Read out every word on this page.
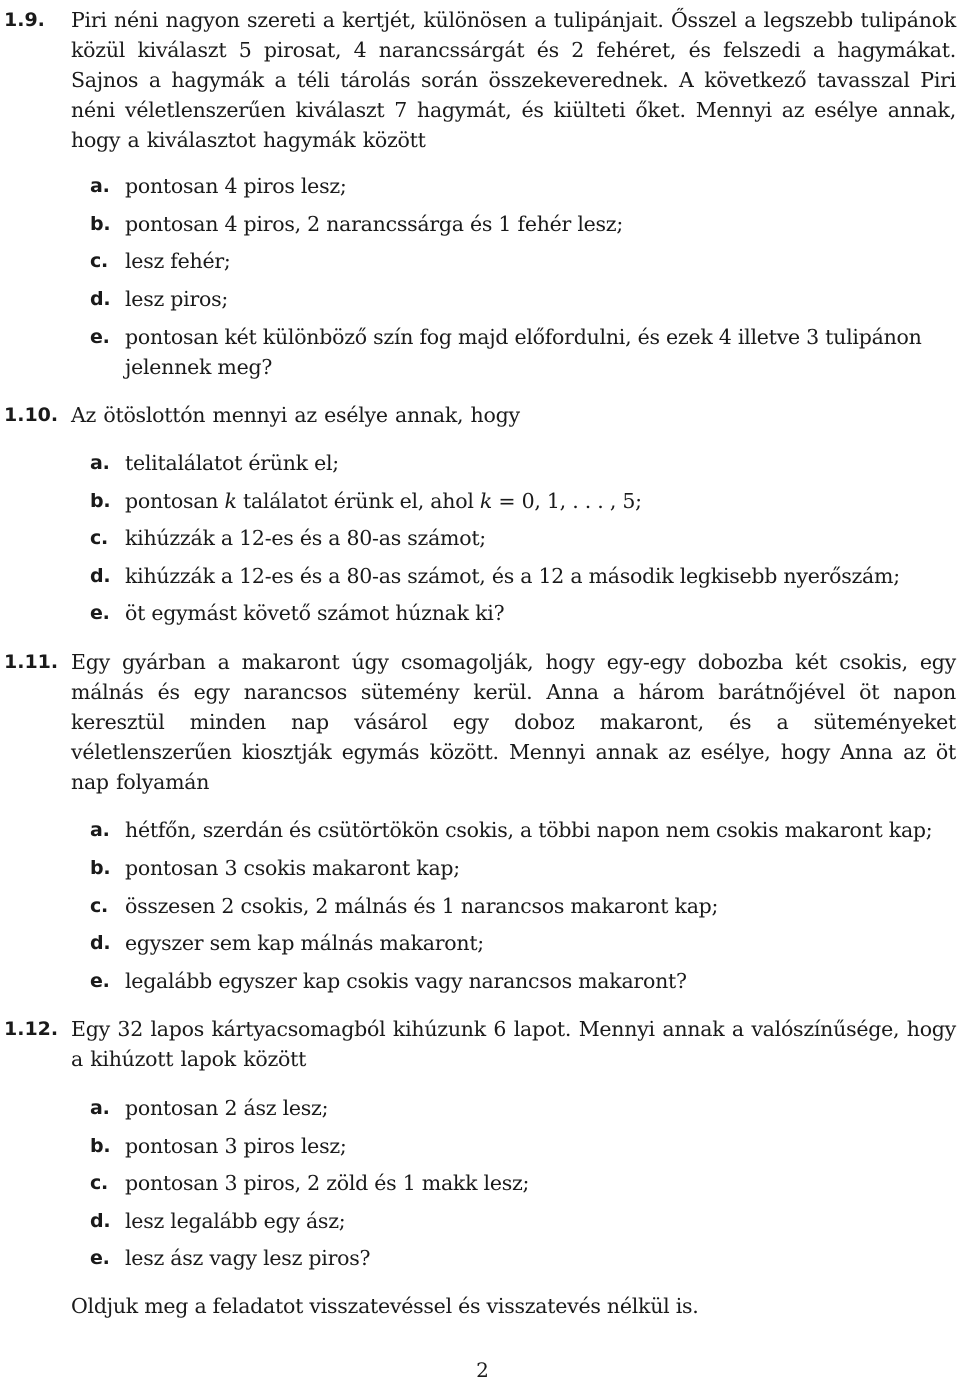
1.9. Piri néni nagyon szereti a kertjét, különösen a tulipánjait. Ősszel a legszebb tulipánok közül kiválaszt 5 pirosat, 4 narancssárgát és 2 fehéret, és felszedi a hagymákat. Sajnos a hagymák a téli tárolás során összekeverednek. A következő tavasszal Piri néni véletlenszerűen kiválaszt 7 hagymát, és kiülteti őket. Mennyi az esélye annak, hogy a kiválasztot hagymák között
a. pontosan 4 piros lesz;
b. pontosan 4 piros, 2 narancssárga és 1 fehér lesz;
c. lesz fehér;
d. lesz piros;
e. pontosan két különböző szín fog majd előfordulni, és ezek 4 illetve 3 tulipánon jelennek meg?
1.10. Az ötöslottón mennyi az esélye annak, hogy
a. telitalálatot érünk el;
b. pontosan k találatot érünk el, ahol k = 0, 1, . . . , 5;
c. kihúzzák a 12-es és a 80-as számot;
d. kihúzzák a 12-es és a 80-as számot, és a 12 a második legkisebb nyerőszám;
e. öt egymást követő számot húznak ki?
1.11. Egy gyárban a makaront úgy csomagolják, hogy egy-egy dobozba két csokis, egy málnás és egy narancsos sütemény kerül. Anna a három barátnőjével öt napon keresztül minden nap vásárol egy doboz makaront, és a süteményeket véletlenszerűen kiosztják egymás között. Mennyi annak az esélye, hogy Anna az öt nap folyamán
a. hétfőn, szerdán és csütörtökön csokis, a többi napon nem csokis makaront kap;
b. pontosan 3 csokis makaront kap;
c. összesen 2 csokis, 2 málnás és 1 narancsos makaront kap;
d. egyszer sem kap málnás makaront;
e. legalább egyszer kap csokis vagy narancsos makaront?
1.12. Egy 32 lapos kártyacsomagból kihúzunk 6 lapot. Mennyi annak a valószínűsége, hogy a kihúzott lapok között
a. pontosan 2 ász lesz;
b. pontosan 3 piros lesz;
c. pontosan 3 piros, 2 zöld és 1 makk lesz;
d. lesz legalább egy ász;
e. lesz ász vagy lesz piros?
Oldjuk meg a feladatot visszatevéssel és visszatevés nélkül is.
2
